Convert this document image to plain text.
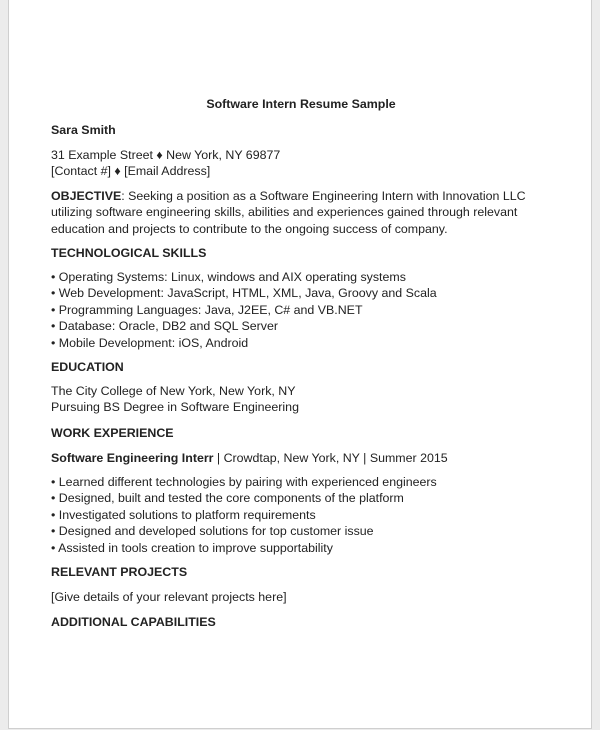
Software Intern Resume Sample
Sara Smith
31 Example Street ♦ New York, NY 69877
[Contact #] ♦ [Email Address]
OBJECTIVE: Seeking a position as a Software Engineering Intern with Innovation LLC utilizing software engineering skills, abilities and experiences gained through relevant education and projects to contribute to the ongoing success of company.
TECHNOLOGICAL SKILLS
• Operating Systems: Linux, windows and AIX operating systems
• Web Development: JavaScript, HTML, XML, Java, Groovy and Scala
• Programming Languages: Java, J2EE, C# and VB.NET
• Database: Oracle, DB2 and SQL Server
• Mobile Development: iOS, Android
EDUCATION
The City College of New York, New York, NY
Pursuing BS Degree in Software Engineering
WORK EXPERIENCE
Software Engineering Interr | Crowdtap, New York, NY | Summer 2015
• Learned different technologies by pairing with experienced engineers
• Designed, built and tested the core components of the platform
• Investigated solutions to platform requirements
• Designed and developed solutions for top customer issue
• Assisted in tools creation to improve supportability
RELEVANT PROJECTS
[Give details of your relevant projects here]
ADDITIONAL CAPABILITIES
